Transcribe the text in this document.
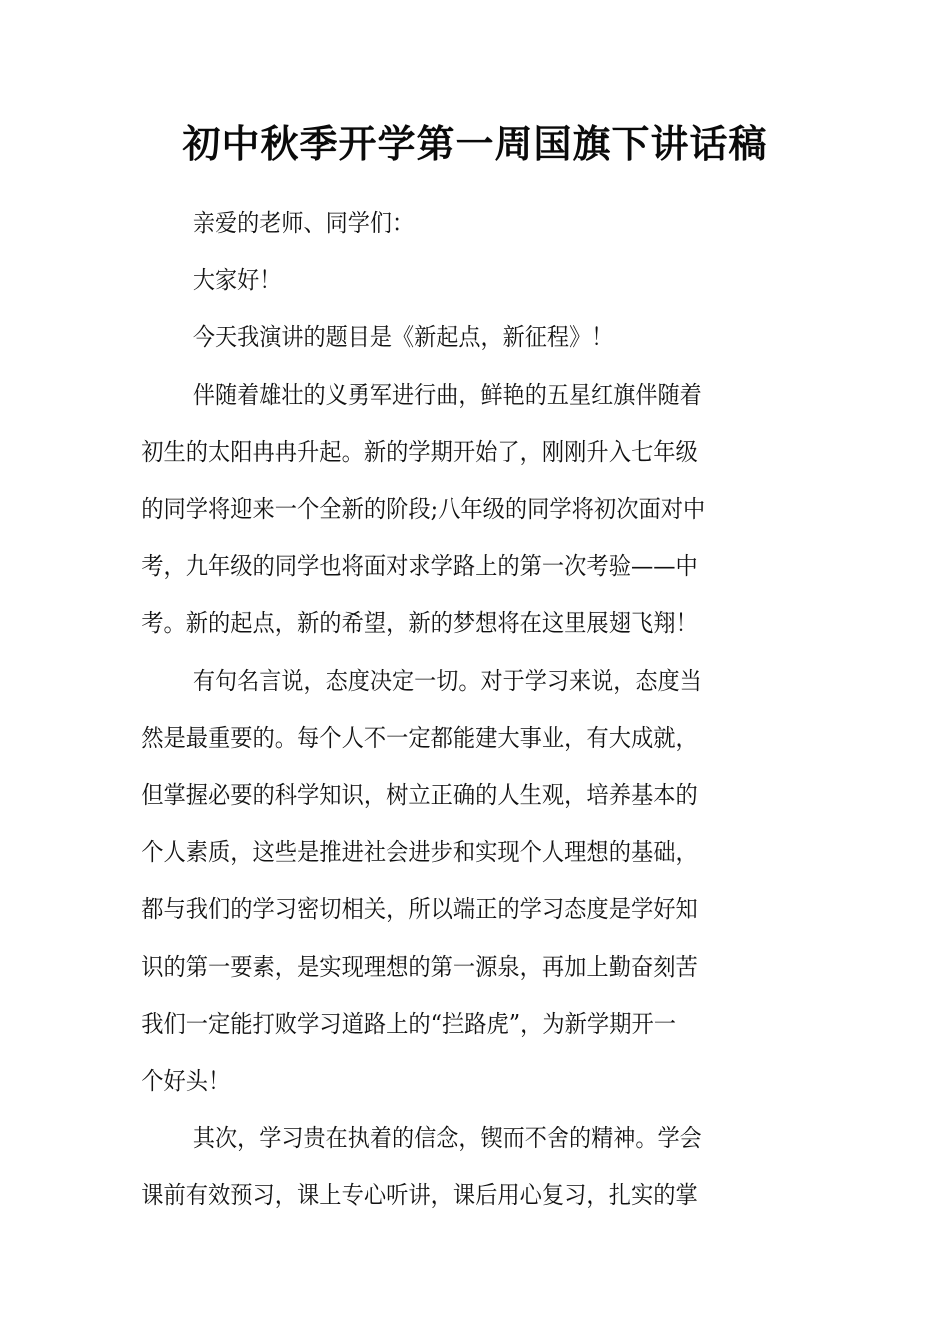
初中秋季开学第一周国旗下讲话稿

亲爱的老师、同学们：

大家好！

今天我演讲的题目是《新起点，新征程》！

伴随着雄壮的义勇军进行曲，鲜艳的五星红旗伴随着
初生的太阳冉冉升起。新的学期开始了，刚刚升入七年级
的同学将迎来一个全新的阶段;八年级的同学将初次面对中
考，九年级的同学也将面对求学路上的第一次考验——中
考。新的起点，新的希望，新的梦想将在这里展翅飞翔！

有句名言说，态度决定一切。对于学习来说，态度当
然是最重要的。每个人不一定都能建大事业，有大成就，
但掌握必要的科学知识，树立正确的人生观，培养基本的
个人素质，这些是推进社会进步和实现个人理想的基础，
都与我们的学习密切相关，所以端正的学习态度是学好知
识的第一要素，是实现理想的第一源泉，再加上勤奋刻苦
我们一定能打败学习道路上的“拦路虎”，为新学期开一
个好头！

其次，学习贵在执着的信念，锲而不舍的精神。学会
课前有效预习，课上专心听讲，课后用心复习，扎实的掌
